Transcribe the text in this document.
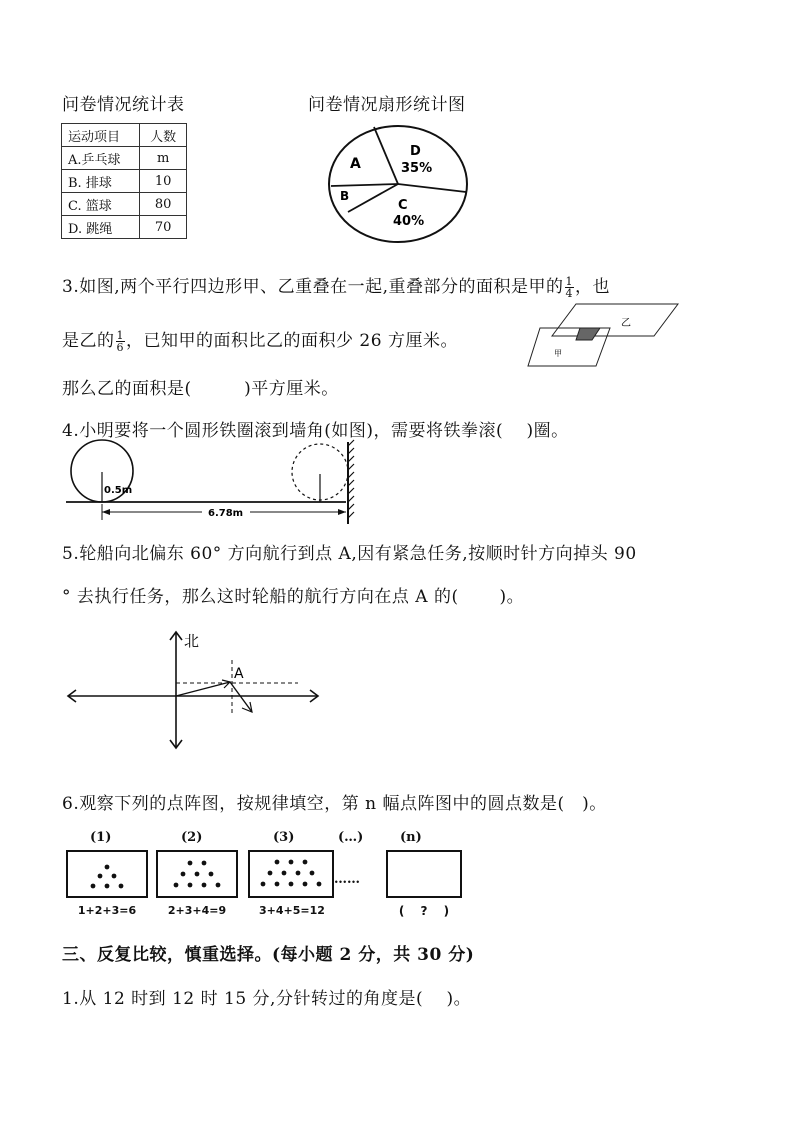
问卷情况统计表	问卷情况扇形统计图
运动项目	人数
A.乒乓球	m
B. 排球	10
C. 篮球	80
D. 跳绳	70
A
B
C
40%
D
35%
3.如图,两个平行四边形甲、乙重叠在一起,重叠部分的面积是甲的 $\frac{1}{4}$ ，也
是乙的 $\frac{1}{6}$ ，已知甲的面积比乙的面积少 26 方厘米。
那么乙的面积是(　　　)平方厘米。
乙
甲
4.小明要将一个圆形铁圈滚到墙角(如图)，需要将铁拳滚(　 )圈。
0.5m
6.78m
5.轮船向北偏东 60° 方向航行到点 A,因有紧急任务,按顺时针方向掉头 90
° 去执行任务，那么这时轮船的航行方向在点 A 的(　　 )。
北
A
6.观察下列的点阵图，按规律填空，第 n 幅点阵图中的圆点数是(　)。
(1)	(2)	(3)	(…)	(n)
……
1+2+3=6	2+3+4=9	3+4+5=12	(　 ?　 )
三、反复比较，慎重选择。(每小题 2 分，共 30 分)
1.从 12 时到 12 时 15 分,分针转过的角度是(　 )。
